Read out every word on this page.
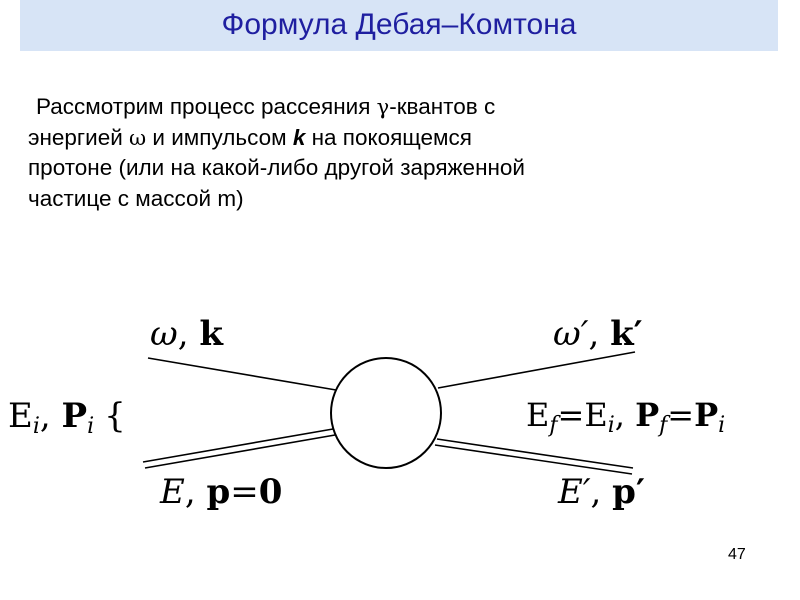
Формула Дебая–Комтона
Рассмотрим процесс рассеяния γ-квантов с
энергией ω и импульсом k на покоящемся
протоне (или на какой-либо другой заряженной
частице с массой m)
ω, k	ω′, k′
$E_i$, $P_i$ {	$E_f=E_i$, $P_f=P_i$
E, p=0	E′, p′
47
